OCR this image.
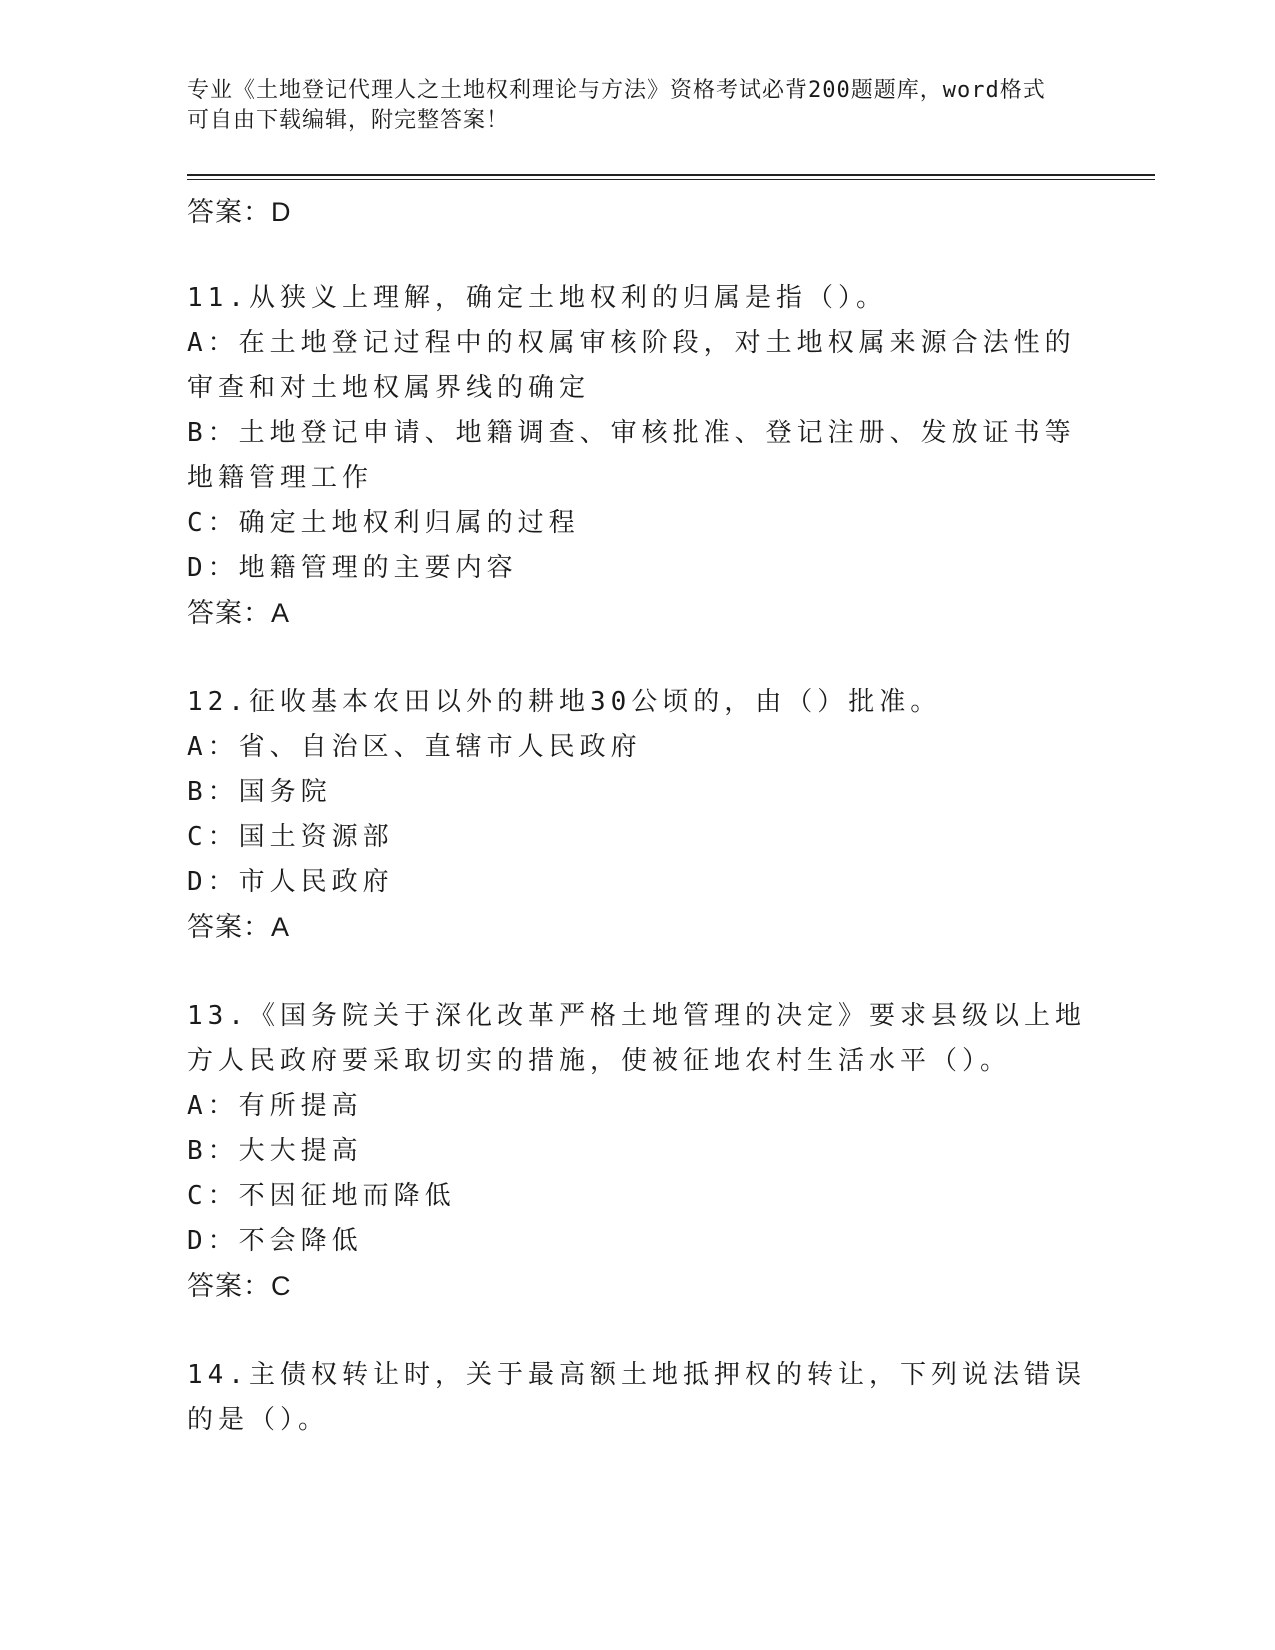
专业《土地登记代理人之土地权利理论与方法》资格考试必背200题题库，word格式可自由下载编辑，附完整答案！
答案：D
11.从狭义上理解，确定土地权利的归属是指（）。
A：在土地登记过程中的权属审核阶段，对土地权属来源合法性的审查和对土地权属界线的确定
B：土地登记申请、地籍调查、审核批准、登记注册、发放证书等地籍管理工作
C：确定土地权利归属的过程
D：地籍管理的主要内容
答案：A
12.征收基本农田以外的耕地30公顷的，由（）批准。
A：省、自治区、直辖市人民政府
B：国务院
C：国土资源部
D：市人民政府
答案：A
13.《国务院关于深化改革严格土地管理的决定》要求县级以上地方人民政府要采取切实的措施，使被征地农村生活水平（）。
A：有所提高
B：大大提高
C：不因征地而降低
D：不会降低
答案：C
14.主债权转让时，关于最高额土地抵押权的转让，下列说法错误的是（）。
